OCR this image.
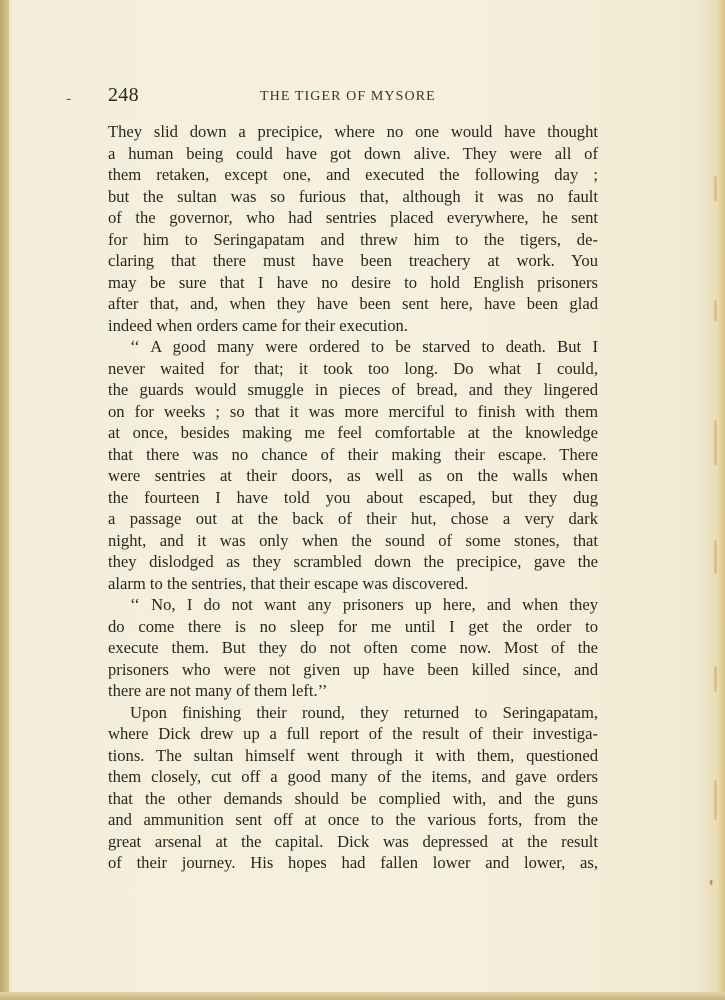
◖
- 248	THE TIGER OF MYSORE
They slid down a precipice, where no one would have thought
a human being could have got down alive. They were all of
them retaken, except one, and executed the following day ;
but the sultan was so furious that, although it was no fault
of the governor, who had sentries placed everywhere, he sent
for him to Seringapatam and threw him to the tigers, de-
claring that there must have been treachery at work. You
may be sure that I have no desire to hold English prisoners
after that, and, when they have been sent here, have been glad
indeed when orders came for their execution.
‘‘ A good many were ordered to be starved to death. But I
never waited for that; it took too long. Do what I could,
the guards would smuggle in pieces of bread, and they lingered
on for weeks ; so that it was more merciful to finish with them
at once, besides making me feel comfortable at the knowledge
that there was no chance of their making their escape. There
were sentries at their doors, as well as on the walls when
the fourteen I have told you about escaped, but they dug
a passage out at the back of their hut, chose a very dark
night, and it was only when the sound of some stones, that
they dislodged as they scrambled down the precipice, gave the
alarm to the sentries, that their escape was discovered.
‘‘ No, I do not want any prisoners up here, and when they
do come there is no sleep for me until I get the order to
execute them. But they do not often come now. Most of the
prisoners who were not given up have been killed since, and
there are not many of them left.’’
Upon finishing their round, they returned to Seringapatam,
where Dick drew up a full report of the result of their investiga-
tions. The sultan himself went through it with them, questioned
them closely, cut off a good many of the items, and gave orders
that the other demands should be complied with, and the guns
and ammunition sent off at once to the various forts, from the
great arsenal at the capital. Dick was depressed at the result
of their journey. His hopes had fallen lower and lower, as,
